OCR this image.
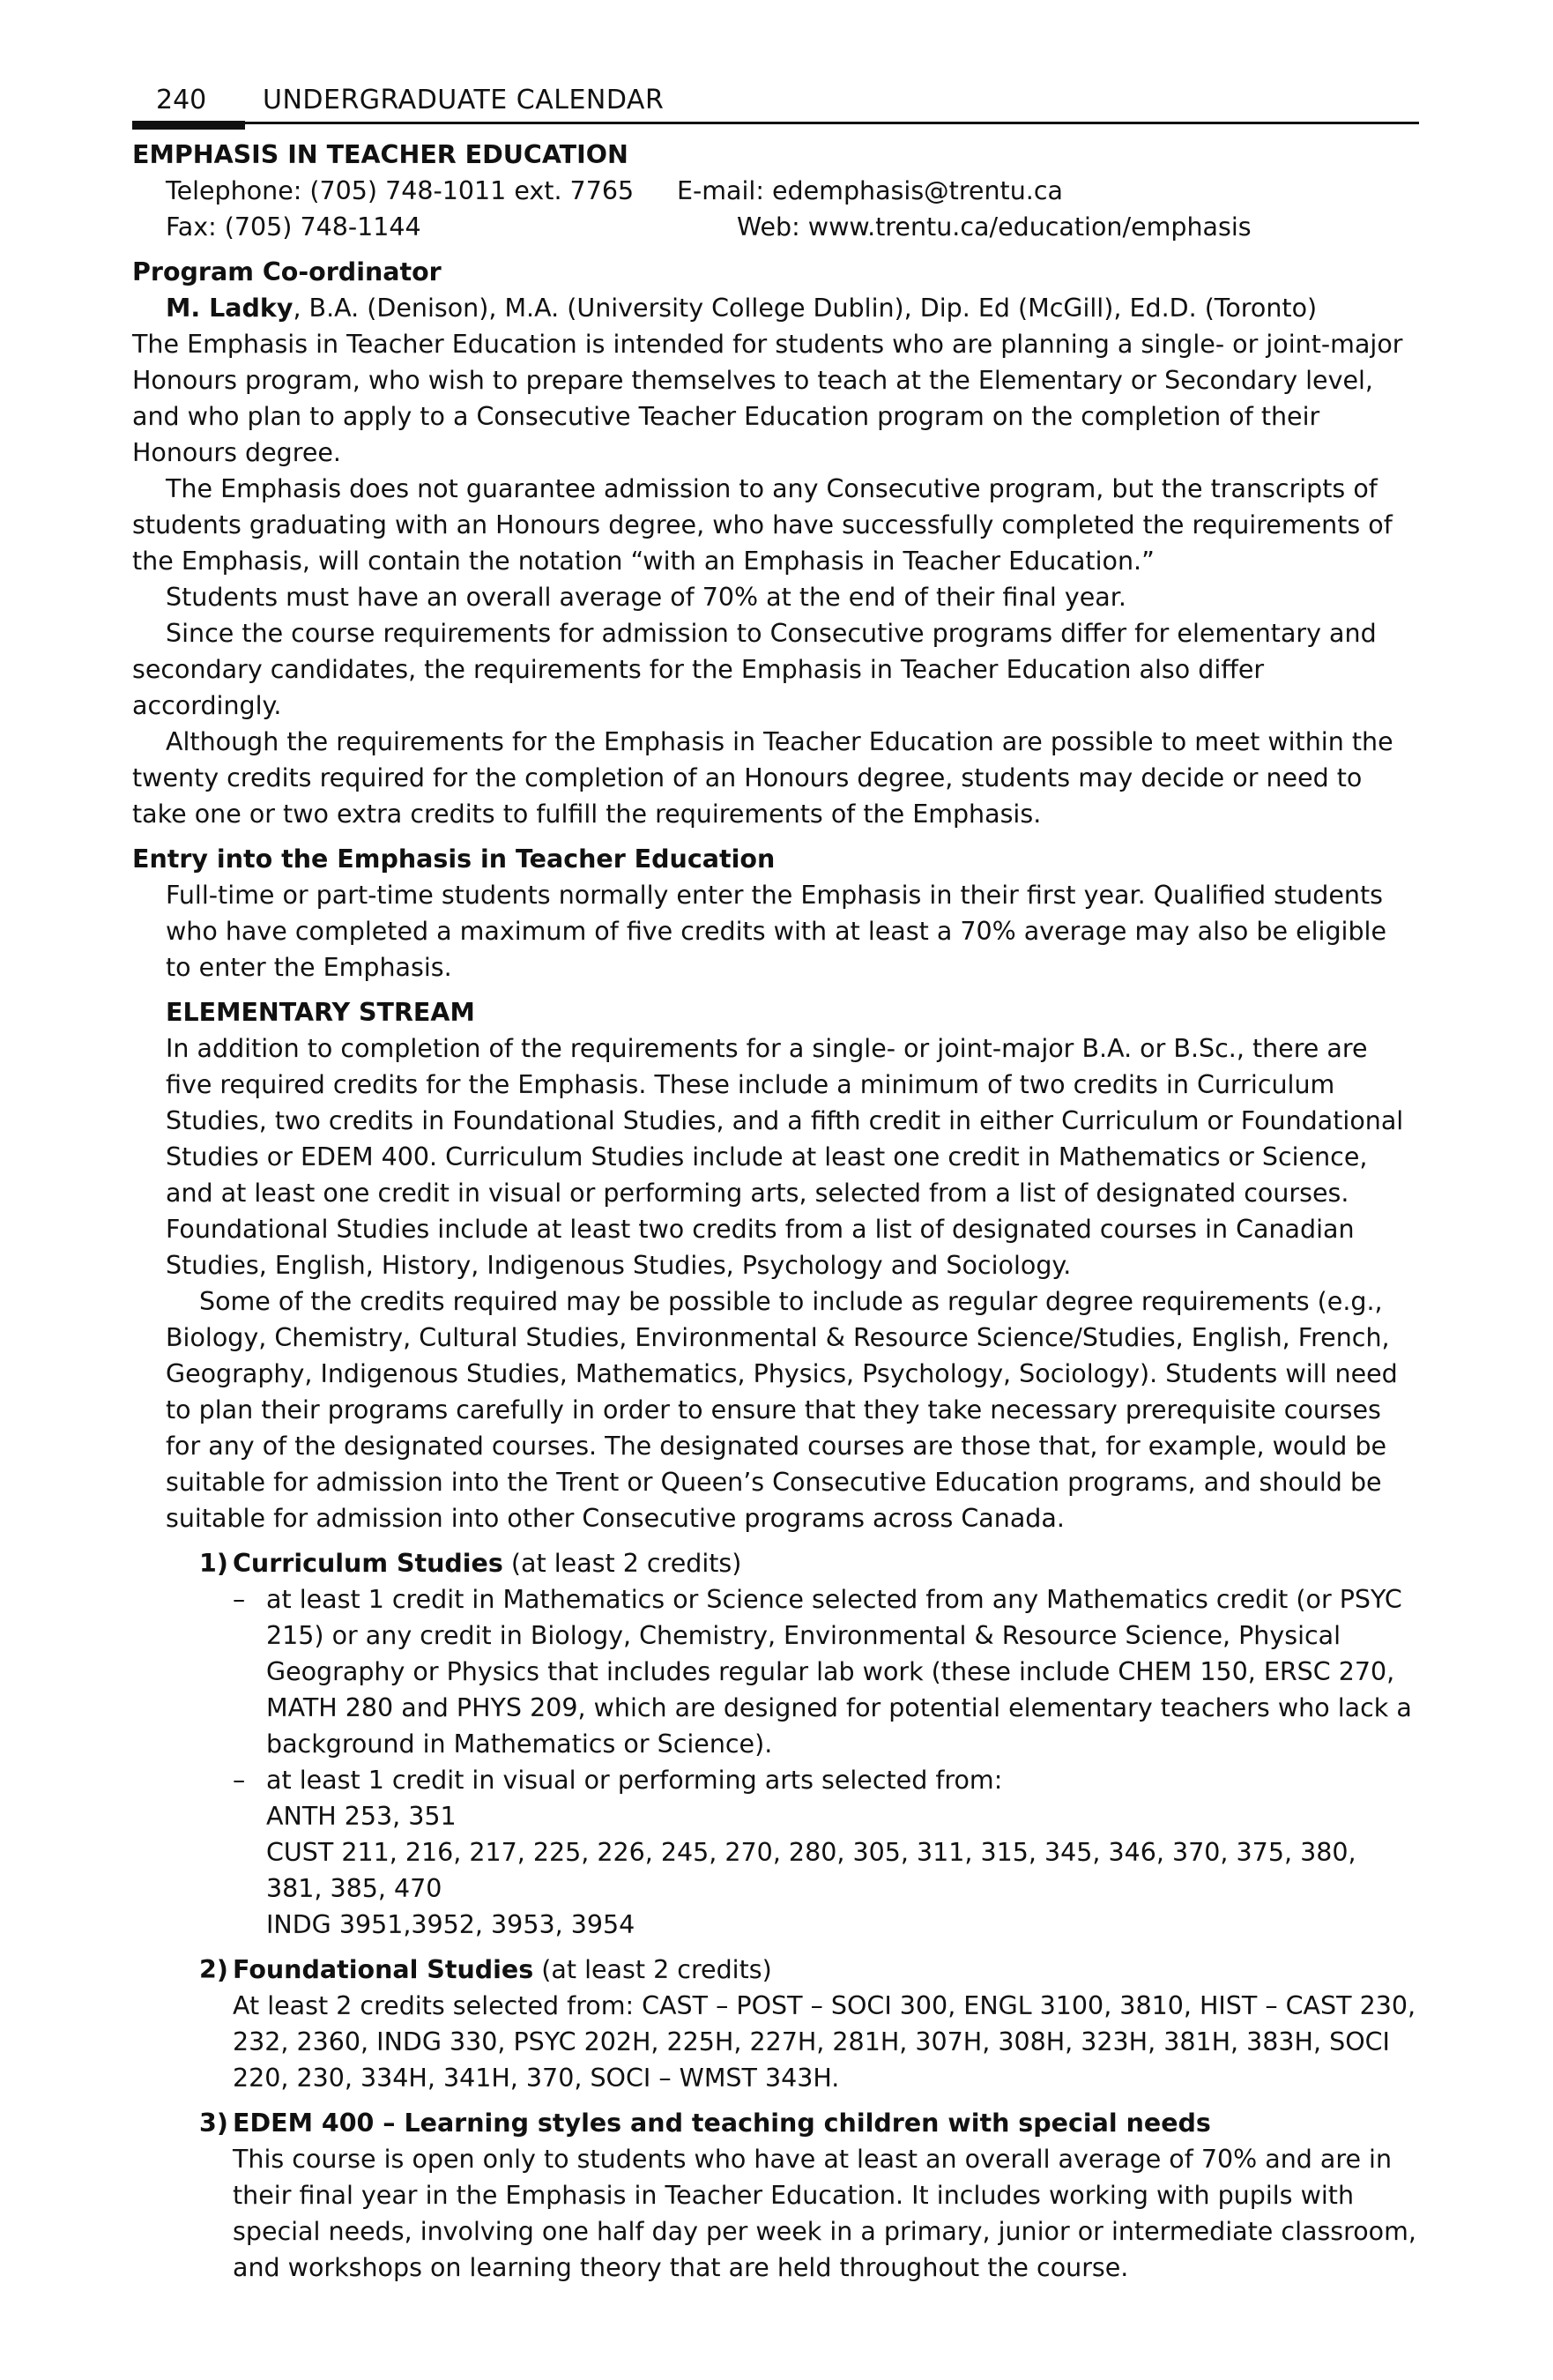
240 UNDERGRADUATE CALENDAR
EMPHASIS IN TEACHER EDUCATION
Telephone: (705) 748-1011 ext. 7765	E-mail: edemphasis@trentu.ca
Fax: (705) 748-1144	Web: www.trentu.ca/education/emphasis
Program Co-ordinator
M. Ladky, B.A. (Denison), M.A. (University College Dublin), Dip. Ed (McGill), Ed.D. (Toronto)

The Emphasis in Teacher Education is intended for students who are planning a single- or joint-major Honours program, who wish to prepare themselves to teach at the Elementary or Secondary level, and who plan to apply to a Consecutive Teacher Education program on the completion of their Honours degree.

The Emphasis does not guarantee admission to any Consecutive program, but the transcripts of students graduating with an Honours degree, who have successfully completed the requirements of the Emphasis, will contain the notation “with an Emphasis in Teacher Education.”

Students must have an overall average of 70% at the end of their final year.

Since the course requirements for admission to Consecutive programs differ for elementary and secondary candidates, the requirements for the Emphasis in Teacher Education also differ accordingly.

Although the requirements for the Emphasis in Teacher Education are possible to meet within the twenty credits required for the completion of an Honours degree, students may decide or need to take one or two extra credits to fulfill the requirements of the Emphasis.

Entry into the Emphasis in Teacher Education

Full-time or part-time students normally enter the Emphasis in their first year. Qualified students who have completed a maximum of five credits with at least a 70% average may also be eligible to enter the Emphasis.

ELEMENTARY STREAM

In addition to completion of the requirements for a single- or joint-major B.A. or B.Sc., there are five required credits for the Emphasis. These include a minimum of two credits in Curriculum Studies, two credits in Foundational Studies, and a fifth credit in either Curriculum or Foundational Studies or EDEM 400. Curriculum Studies include at least one credit in Mathematics or Science, and at least one credit in visual or performing arts, selected from a list of designated courses. Foundational Studies include at least two credits from a list of designated courses in Canadian Studies, English, History, Indigenous Studies, Psychology and Sociology.

Some of the credits required may be possible to include as regular degree requirements (e.g., Biology, Chemistry, Cultural Studies, Environmental & Resource Science/Studies, English, French, Geography, Indigenous Studies, Mathematics, Physics, Psychology, Sociology). Students will need to plan their programs carefully in order to ensure that they take necessary prerequisite courses for any of the designated courses. The designated courses are those that, for example, would be suitable for admission into the Trent or Queen’s Consecutive Education programs, and should be suitable for admission into other Consecutive programs across Canada.

1) Curriculum Studies (at least 2 credits)
– at least 1 credit in Mathematics or Science selected from any Mathematics credit (or PSYC 215) or any credit in Biology, Chemistry, Environmental & Resource Science, Physical Geography or Physics that includes regular lab work (these include CHEM 150, ERSC 270, MATH 280 and PHYS 209, which are designed for potential elementary teachers who lack a background in Mathematics or Science).
– at least 1 credit in visual or performing arts selected from:
ANTH 253, 351
CUST 211, 216, 217, 225, 226, 245, 270, 280, 305, 311, 315, 345, 346, 370, 375, 380, 381, 385, 470
INDG 3951,3952, 3953, 3954
2) Foundational Studies (at least 2 credits)
At least 2 credits selected from: CAST – POST – SOCI 300, ENGL 3100, 3810, HIST – CAST 230, 232, 2360, INDG 330, PSYC 202H, 225H, 227H, 281H, 307H, 308H, 323H, 381H, 383H, SOCI 220, 230, 334H, 341H, 370, SOCI – WMST 343H.
3) EDEM 400 – Learning styles and teaching children with special needs
This course is open only to students who have at least an overall average of 70% and are in their final year in the Emphasis in Teacher Education. It includes working with pupils with special needs, involving one half day per week in a primary, junior or intermediate classroom, and workshops on learning theory that are held throughout the course.
